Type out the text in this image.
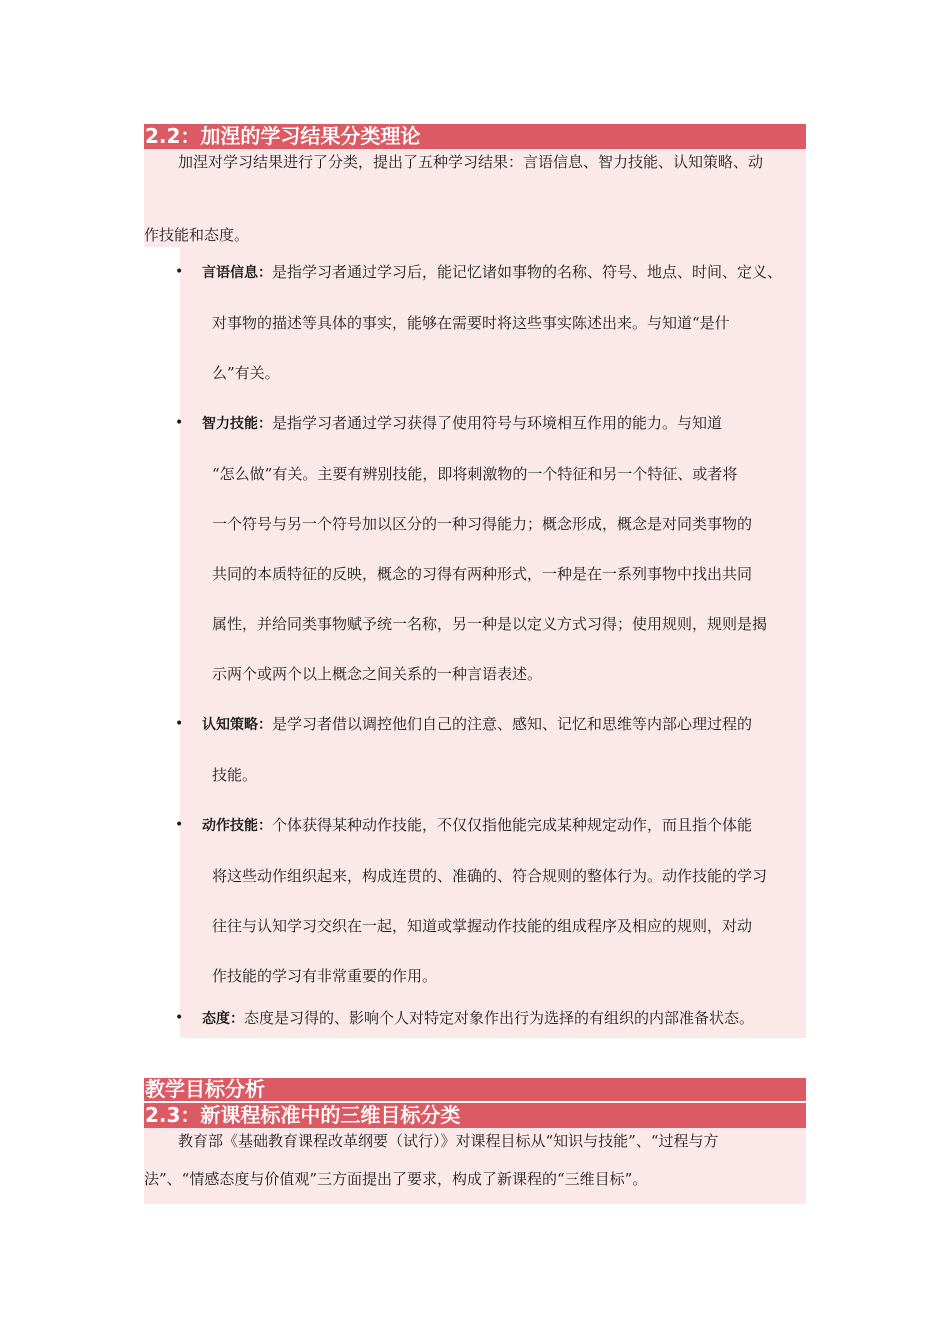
2.2：加涅的学习结果分类理论

加涅对学习结果进行了分类，提出了五种学习结果：言语信息、智力技能、认知策略、动

作技能和态度。

• 言语信息：是指学习者通过学习后，能记忆诸如事物的名称、符号、地点、时间、定义、
对事物的描述等具体的事实，能够在需要时将这些事实陈述出来。与知道“是什
么”有关。
• 智力技能：是指学习者通过学习获得了使用符号与环境相互作用的能力。与知道
“怎么做”有关。主要有辨别技能，即将刺激物的一个特征和另一个特征、或者将
一个符号与另一个符号加以区分的一种习得能力；概念形成，概念是对同类事物的
共同的本质特征的反映，概念的习得有两种形式，一种是在一系列事物中找出共同
属性，并给同类事物赋予统一名称，另一种是以定义方式习得；使用规则，规则是揭
示两个或两个以上概念之间关系的一种言语表述。
• 认知策略：是学习者借以调控他们自己的注意、感知、记忆和思维等内部心理过程的
技能。
• 动作技能：个体获得某种动作技能，不仅仅指他能完成某种规定动作，而且指个体能
将这些动作组织起来，构成连贯的、准确的、符合规则的整体行为。动作技能的学习
往往与认知学习交织在一起，知道或掌握动作技能的组成程序及相应的规则，对动
作技能的学习有非常重要的作用。
• 态度：态度是习得的、影响个人对特定对象作出行为选择的有组织的内部准备状态。
教学目标分析
2.3：新课程标准中的三维目标分类

教育部《基础教育课程改革纲要（试行）》对课程目标从“知识与技能”、“过程与方

法”、“情感态度与价值观”三方面提出了要求，构成了新课程的“三维目标”。
